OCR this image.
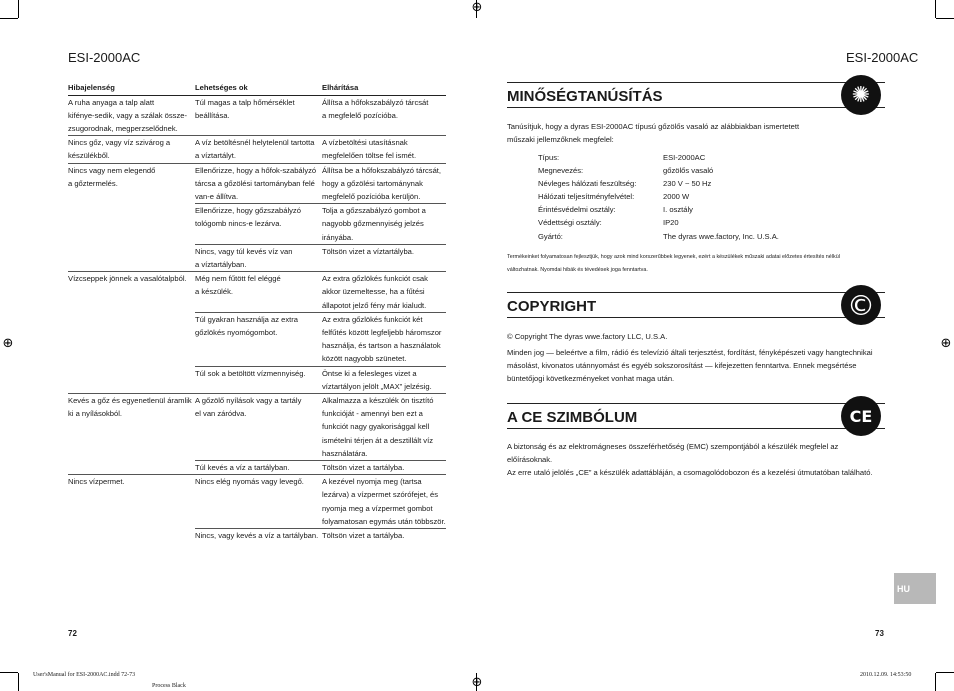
⊕
⊕
⊕	⊕
ESI-2000AC
Hibajelenség	Lehetséges ok	Elhárítása
A ruha anyaga a talp alatt
kifénye-sedik, vagy a szálak össze-
zsugorodnak, megperzselődnek.	Túl magas a talp hőmérséklet
beállítása.	Állítsa a hőfokszabályzó tárcsát
a megfelelő pozícióba.
Nincs gőz, vagy víz szivárog a
készülékből.	A víz betöltésnél helytelenül tartotta
a víztartályt.	A vízbetöltési utasításnak
megfelelően töltse fel ismét.
Nincs vagy nem elegendő
a gőztermelés.	Ellenőrizze, hogy a hőfok-szabályzó
tárcsa a gőzölési tartományban felé
van-e állítva.	Állítsa be a hőfokszabályzó tárcsát,
hogy a gőzölési tartománynak
megfelelő pozícióba kerüljön.
	Ellenőrizze, hogy gőzszabályzó
tológomb nincs-e lezárva.	Tolja a gőzszabályzó gombot a
nagyobb gőzmennyiség jelzés
irányába.
	Nincs, vagy túl kevés víz van
a víztartályban.	Töltsön vizet a víztartályba.
Vízcseppek jönnek a vasalótalpból.	Még nem fűtött fel eléggé
a készülék.	Az extra gőzlökés funkciót csak
akkor üzemeltesse, ha a fűtési
állapotot jelző fény már kialudt.
	Túl gyakran használja az extra
gőzlökés nyomógombot.	Az extra gőzlökés funkciót két
felfűtés között legfeljebb háromszor
használja, és tartson a használatok
között nagyobb szünetet.
	Túl sok a betöltött vízmennyiség.	Öntse ki a felesleges vizet a
víztartályon jelölt „MAX” jelzésig.
Kevés a gőz és egyenetlenül áramlik
ki a nyílásokból.	A gőzölő nyílások vagy a tartály
el van záródva.	Alkalmazza a készülék ön tisztító
funkcióját - amennyi ben ezt a
funkciót nagy gyakorisággal kell
ismételni térjen át a desztillált víz
használatára.
	Túl kevés a víz a tartályban.	Töltsön vizet a tartályba.
Nincs vízpermet.	Nincs elég nyomás vagy levegő.	A kezével nyomja meg (tartsa
lezárva) a vízpermet szórófejet, és
nyomja meg a vízpermet gombot
folyamatosan egymás után többször.
	Nincs, vagy kevés a víz a tartályban.	Töltsön vizet a tartályba.
72
ESI-2000AC
MINŐSÉGTANÚSÍTÁS	✺
Tanúsítjuk, hogy a dyras ESI-2000AC típusú gőzölős vasaló az alábbiakban ismertetett
műszaki jellemzőknek megfelel:
Típus:	ESI-2000AC
Megnevezés:	gőzölős vasaló
Névleges hálózati feszültség:	230 V ~ 50 Hz
Hálózati teljesítményfelvétel:	2000 W
Érintésvédelmi osztály:	I. osztály
Védettségi osztály:	IP20
Gyártó:	The dyras wwe.factory, Inc. U.S.A.
Termékeinket folyamatosan fejlesztjük, hogy azok mind korszerűbbek legyenek, ezért a készülékek műszaki adatai előzetes értesítés nélkül
változhatnak. Nyomdai hibák és tévedések joga fenntartva.
COPYRIGHT	©
© Copyright The dyras wwe.factory LLC, U.S.A.
Minden jog — beleértve a film, rádió és televízió általi terjesztést, fordítást, fényképészeti vagy hangtechnikai
másolást, kivonatos utánnyomást és egyéb sokszorosítást — kifejezetten fenntartva. Ennek megsértése
büntetőjogi következményeket vonhat maga után.
A CE SZIMBÓLUM	CE
A biztonság és az elektromágneses összeférhetőség (EMC) szempontjából a készülék megfelel az előírásoknak.
Az erre utaló jelölés „CE” a készülék adattábláján, a csomagolódobozon és a kezelési útmutatóban található.
HU
73
User'sManual for ESI-2000AC.indd 72-73
Process Black
2010.12.09. 14:53:50
